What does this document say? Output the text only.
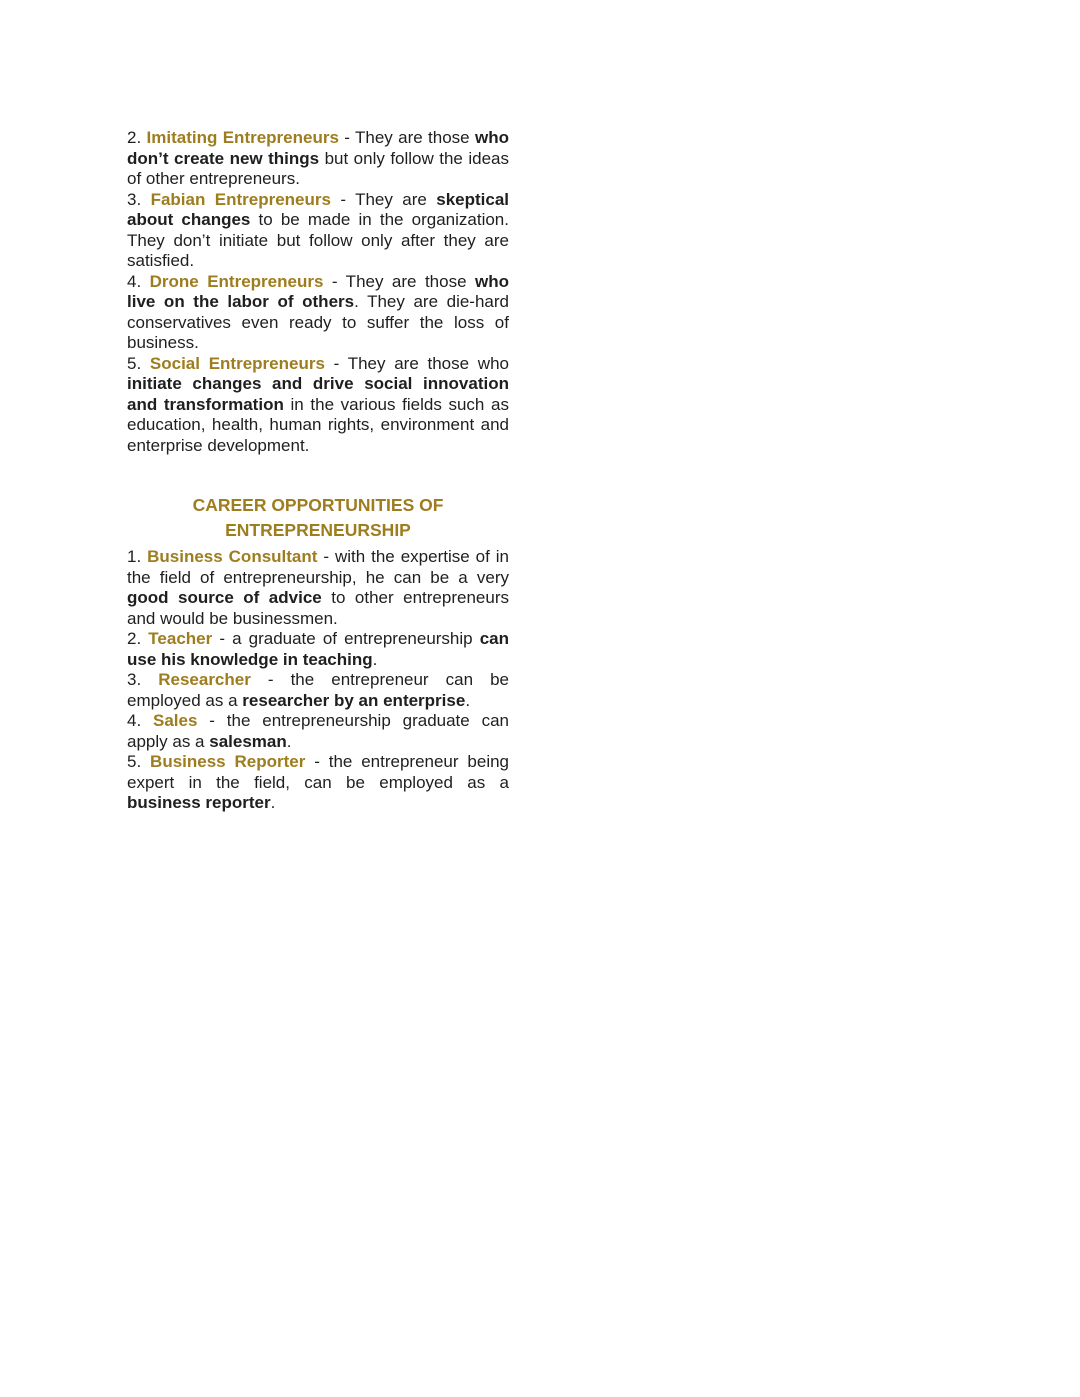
2. Imitating Entrepreneurs - They are those who don’t create new things but only follow the ideas of other entrepreneurs.

3. Fabian Entrepreneurs - They are skeptical about changes to be made in the organization. They don’t initiate but follow only after they are satisfied.

4. Drone Entrepreneurs - They are those who live on the labor of others. They are die-hard conservatives even ready to suffer the loss of business.

5. Social Entrepreneurs - They are those who initiate changes and drive social innovation and transformation in the various fields such as education, health, human rights, environment and enterprise development.

CAREER OPPORTUNITIES OF
ENTREPRENEURSHIP

1. Business Consultant - with the expertise of in the field of entrepreneurship, he can be a very good source of advice to other entrepreneurs and would be businessmen.

2. Teacher - a graduate of entrepreneurship can use his knowledge in teaching.

3. Researcher - the entrepreneur can be employed as a researcher by an enterprise.

4. Sales - the entrepreneurship graduate can apply as a salesman.

5. Business Reporter - the entrepreneur being expert in the field, can be employed as a business reporter.
